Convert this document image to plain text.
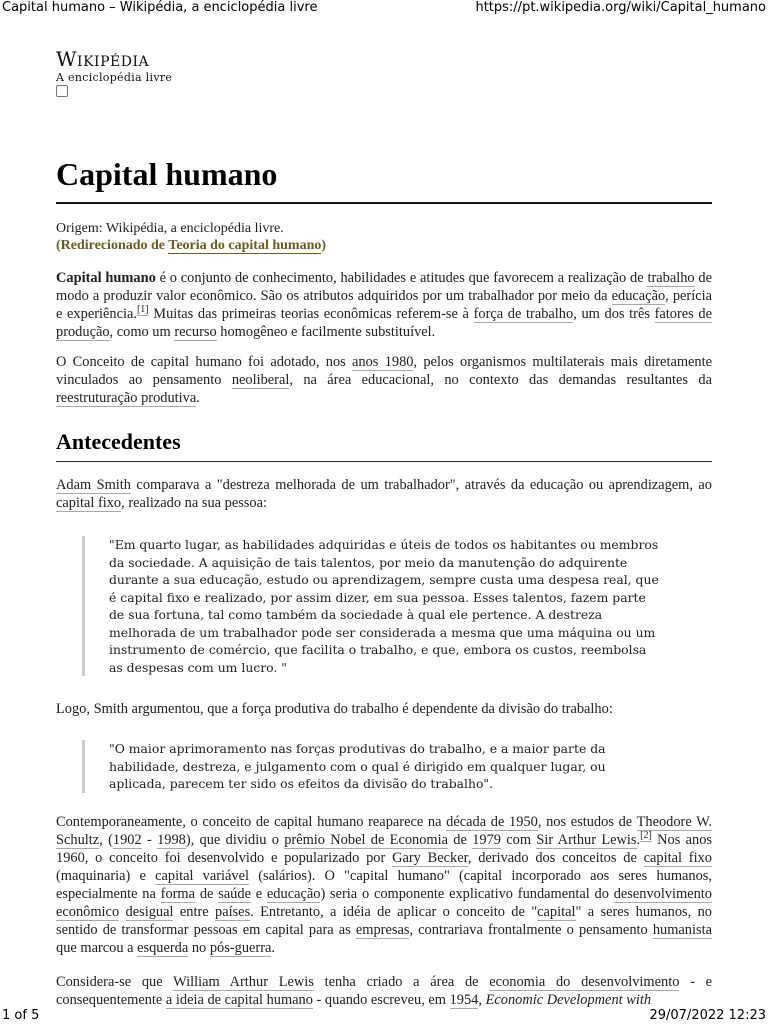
Capital humano – Wikipédia, a enciclopédia livre	https://pt.wikipedia.org/wiki/Capital_humano
Wikipédia
A enciclopédia livre
Capital humano
Origem: Wikipédia, a enciclopédia livre.
(Redirecionado de Teoria do capital humano)

Capital humano é o conjunto de conhecimento, habilidades e atitudes que favorecem a realização de trabalho de modo a produzir valor econômico. São os atributos adquiridos por um trabalhador por meio da educação, perícia e experiência.[1] Muitas das primeiras teorias econômicas referem-se à força de trabalho, um dos três fatores de produção, como um recurso homogêneo e facilmente substituível.

O Conceito de capital humano foi adotado, nos anos 1980, pelos organismos multilaterais mais diretamente vinculados ao pensamento neoliberal, na área educacional, no contexto das demandas resultantes da reestruturação produtiva.

Antecedentes

Adam Smith comparava a "destreza melhorada de um trabalhador", através da educação ou aprendizagem, ao capital fixo, realizado na sua pessoa:

"Em quarto lugar, as habilidades adquiridas e úteis de todos os habitantes ou membros da sociedade. A aquisição de tais talentos, por meio da manutenção do adquirente durante a sua educação, estudo ou aprendizagem, sempre custa uma despesa real, que é capital fixo e realizado, por assim dizer, em sua pessoa. Esses talentos, fazem parte de sua fortuna, tal como também da sociedade à qual ele pertence. A destreza melhorada de um trabalhador pode ser considerada a mesma que uma máquina ou um instrumento de comércio, que facilita o trabalho, e que, embora os custos, reembolsa as despesas com um lucro. "

Logo, Smith argumentou, que a força produtiva do trabalho é dependente da divisão do trabalho:

"O maior aprimoramento nas forças produtivas do trabalho, e a maior parte da habilidade, destreza, e julgamento com o qual é dirigido em qualquer lugar, ou aplicada, parecem ter sido os efeitos da divisão do trabalho".

Contemporaneamente, o conceito de capital humano reaparece na década de 1950, nos estudos de Theodore W. Schultz, (1902 - 1998), que dividiu o prêmio Nobel de Economia de 1979 com Sir Arthur Lewis.[2] Nos anos 1960, o conceito foi desenvolvido e popularizado por Gary Becker, derivado dos conceitos de capital fixo (maquinaria) e capital variável (salários). O "capital humano" (capital incorporado aos seres humanos, especialmente na forma de saúde e educação) seria o componente explicativo fundamental do desenvolvimento econômico desigual entre países. Entretanto, a idéia de aplicar o conceito de "capital" a seres humanos, no sentido de transformar pessoas em capital para as empresas, contrariava frontalmente o pensamento humanista que marcou a esquerda no pós-guerra.

Considera-se que William Arthur Lewis tenha criado a área de economia do desenvolvimento - e consequentemente a ideia de capital humano - quando escreveu, em 1954, Economic Development with

1 of 5	29/07/2022 12:23
